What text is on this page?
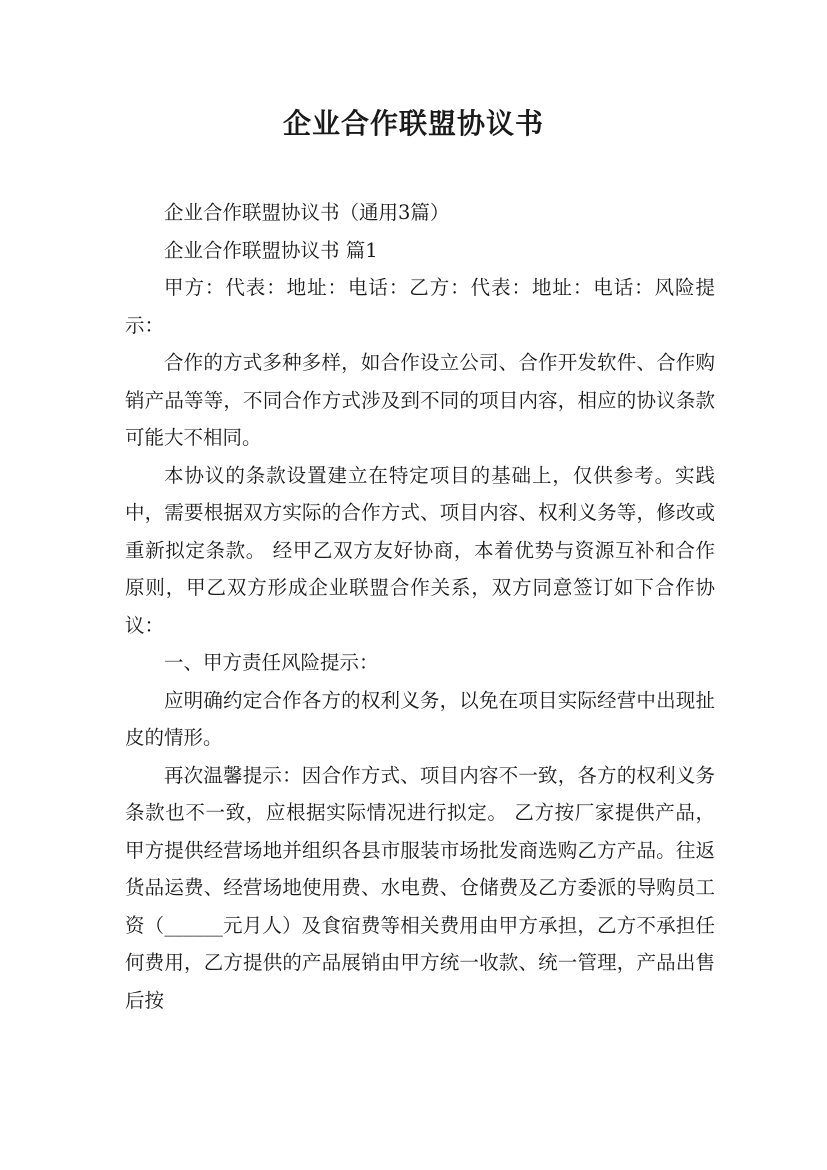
企业合作联盟协议书

企业合作联盟协议书（通用3篇）

企业合作联盟协议书 篇1

甲方：代表：地址：电话：乙方：代表：地址：电话：风险提示：

合作的方式多种多样，如合作设立公司、合作开发软件、合作购销产品等等，不同合作方式涉及到不同的项目内容，相应的协议条款可能大不相同。

本协议的条款设置建立在特定项目的基础上，仅供参考。实践中，需要根据双方实际的合作方式、项目内容、权利义务等，修改或重新拟定条款。 经甲乙双方友好协商，本着优势与资源互补和合作原则，甲乙双方形成企业联盟合作关系，双方同意签订如下合作协议：

一、甲方责任风险提示：

应明确约定合作各方的权利义务，以免在项目实际经营中出现扯皮的情形。

再次温馨提示：因合作方式、项目内容不一致，各方的权利义务条款也不一致，应根据实际情况进行拟定。 乙方按厂家提供产品，甲方提供经营场地并组织各县市服装市场批发商选购乙方产品。往返货品运费、经营场地使用费、水电费、仓储费及乙方委派的导购员工资（______元月人）及食宿费等相关费用由甲方承担，乙方不承担任何费用，乙方提供的产品展销由甲方统一收款、统一管理，产品出售后按
